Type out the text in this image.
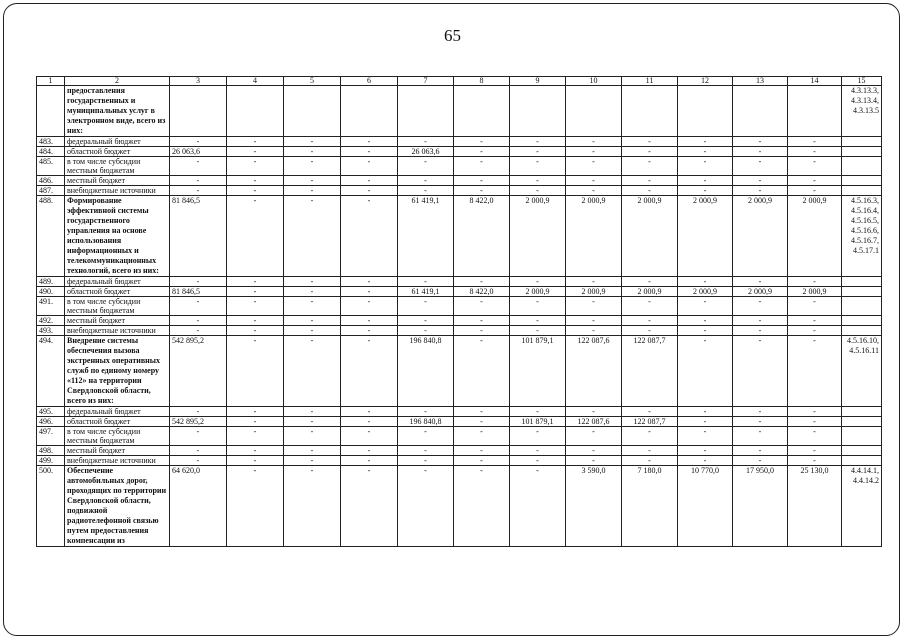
65
1	2	3	4	5	6	7	8	9	10	11	12	13	14	15
	предоставления государственных и муниципальных услуг в электронном виде, всего из них:													4.3.13.3, 4.3.13.4, 4.3.13.5
483.	федеральный бюджет	-	-	-	-	-	-	-	-	-	-	-	-	
484.	областной бюджет	26 063,6	-	-	-	26 063,6	-	-	-	-	-	-	-	
485.	в том числе субсидии местным бюджетам	-	-	-	-	-	-	-	-	-	-	-	-	
486.	местный бюджет	-	-	-	-	-	-	-	-	-	-	-	-	
487.	внебюджетные источники	-	-	-	-	-	-	-	-	-	-	-	-	
488.	Формирование эффективной системы государственного управления на основе использования информационных и телекоммуникационных технологий, всего из них:	81 846,5	-	-	-	61 419,1	8 422,0	2 000,9	2 000,9	2 000,9	2 000,9	2 000,9	2 000,9	4.5.16.3, 4.5.16.4, 4.5.16.5, 4.5.16.6, 4.5.16.7, 4.5.17.1
489.	федеральный бюджет	-	-	-	-	-	-	-	-	-	-	-	-	
490.	областной бюджет	81 846,5	-	-	-	61 419,1	8 422,0	2 000,9	2 000,9	2 000,9	2 000,9	2 000,9	2 000,9	
491.	в том числе субсидии местным бюджетам	-	-	-	-	-	-	-	-	-	-	-	-	
492.	местный бюджет	-	-	-	-	-	-	-	-	-	-	-	-	
493.	внебюджетные источники	-	-	-	-	-	-	-	-	-	-	-	-	
494.	Внедрение системы обеспечения вызова экстренных оперативных служб по единому номеру «112» на территории Свердловской области, всего из них:	542 895,2	-	-	-	196 840,8	-	101 879,1	122 087,6	122 087,7	-	-	-	4.5.16.10, 4.5.16.11
495.	федеральный бюджет	-	-	-	-	-	-	-	-	-	-	-	-	
496.	областной бюджет	542 895,2	-	-	-	196 840,8	-	101 879,1	122 087,6	122 087,7	-	-	-	
497.	в том числе субсидии местным бюджетам	-	-	-	-	-	-	-	-	-	-	-	-	
498.	местный бюджет	-	-	-	-	-	-	-	-	-	-	-	-	
499.	внебюджетные источники	-	-	-	-	-	-	-	-	-	-	-	-	
500.	Обеспечение автомобильных дорог, проходящих по территории Свердловской области, подвижной радиотелефонной связью путем предоставления компенсации из	64 620,0	-	-	-	-	-	-	3 590,0	7 180,0	10 770,0	17 950,0	25 130,0	4.4.14.1, 4.4.14.2
